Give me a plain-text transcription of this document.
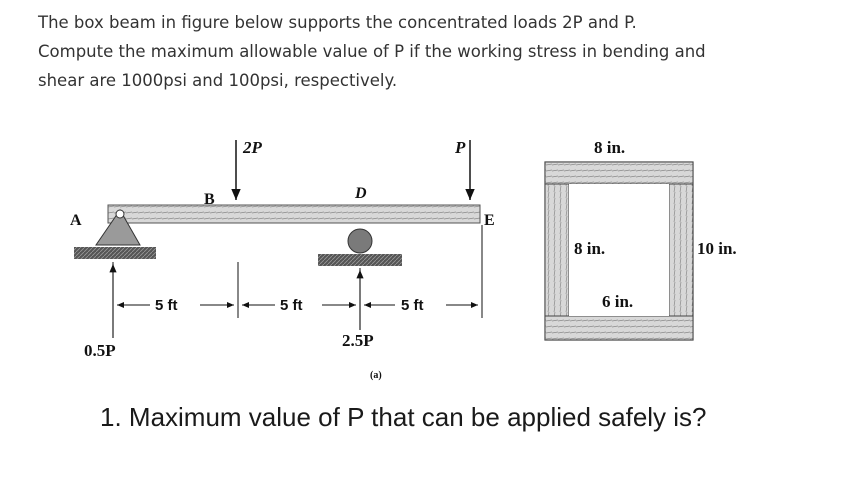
The box beam in figure below supports the concentrated loads 2P and P.

Compute the maximum allowable value of P if the working stress in bending and

shear are 1000psi and 100psi, respectively.

A
B	D
E
2P	P
5 ft	5 ft	5 ft
0.5P
2.5P
(a)
8 in.
8 in.	10 in.
6 in.
1. Maximum value of P that can be applied safely is?
